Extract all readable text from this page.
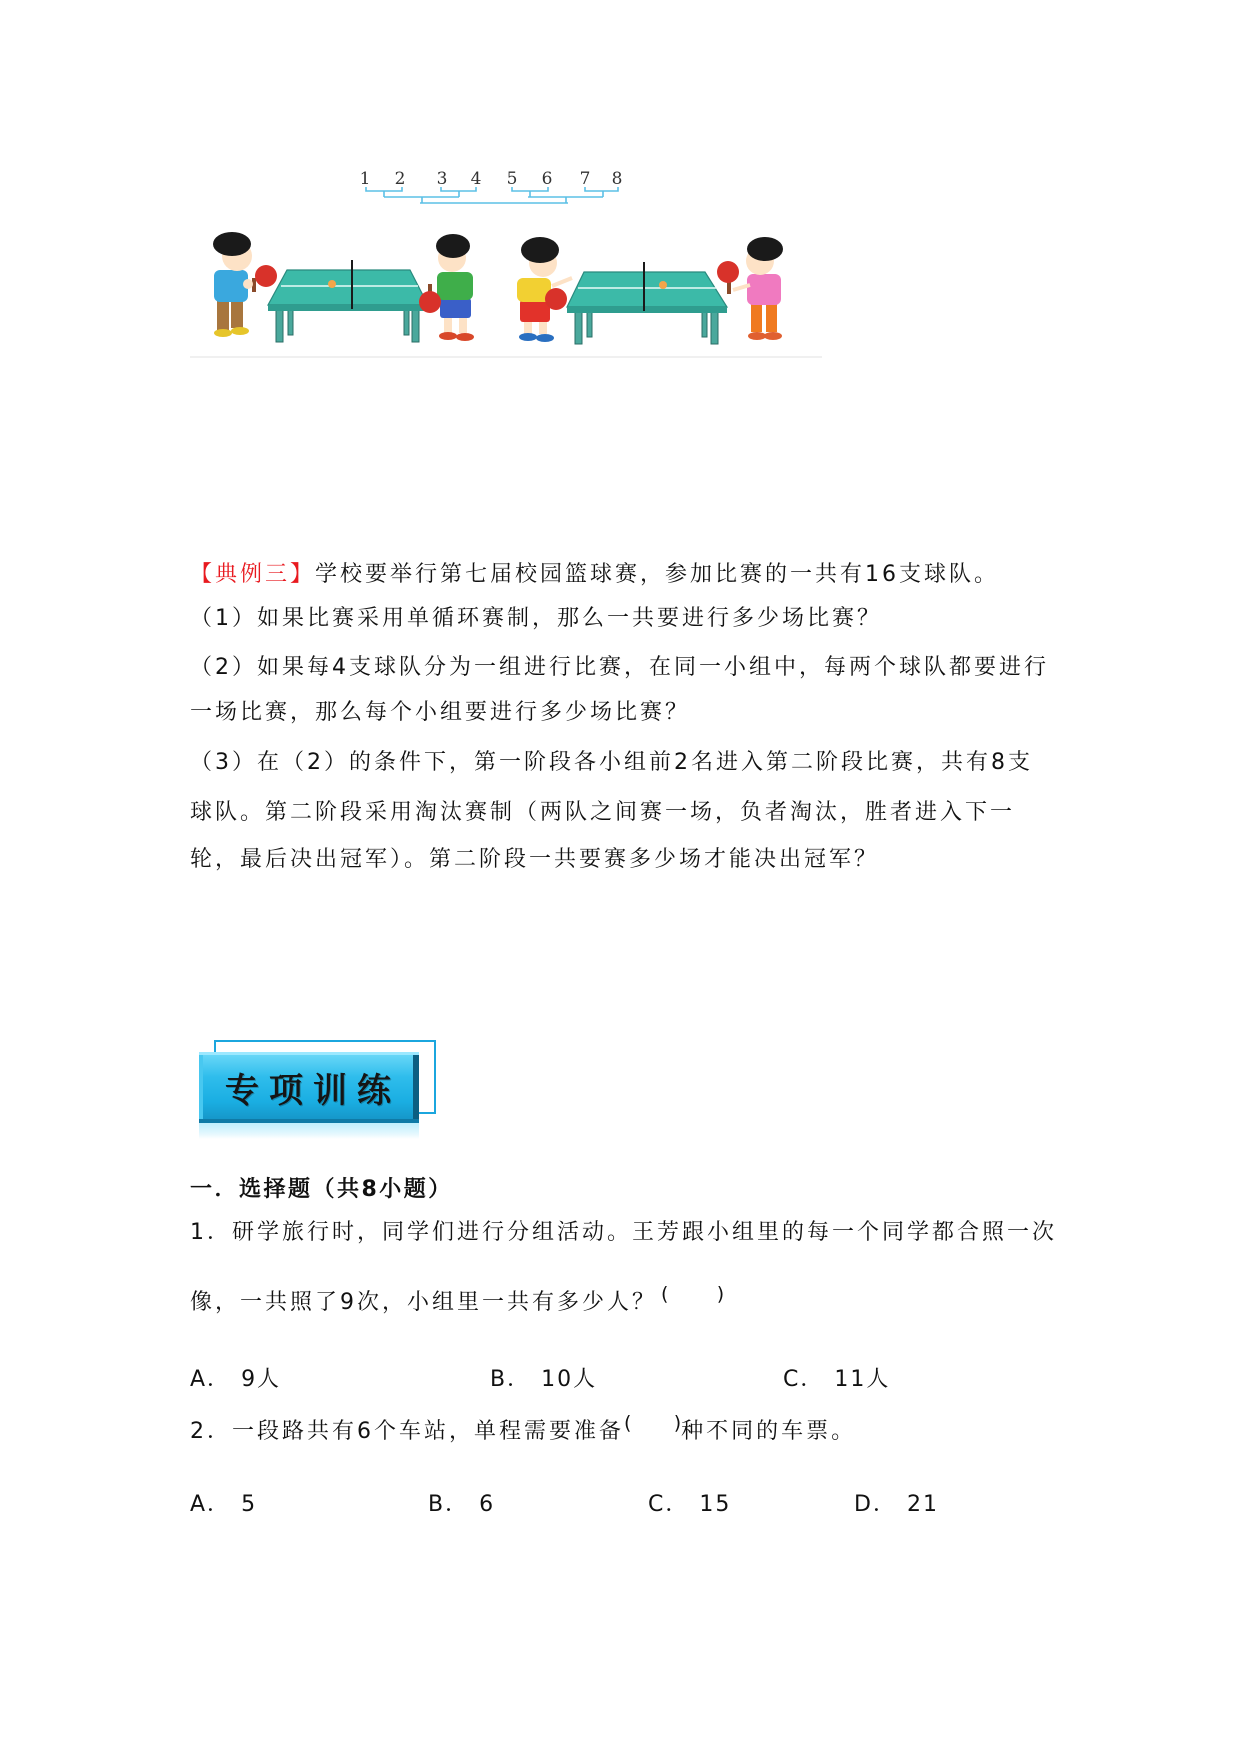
1 2 3 4 5 6 7 8
【典例三】学校要举行第七届校园篮球赛，参加比赛的一共有16支球队。
（1）如果比赛采用单循环赛制，那么一共要进行多少场比赛？
（2）如果每4支球队分为一组进行比赛，在同一小组中，每两个球队都要进行
一场比赛，那么每个小组要进行多少场比赛？
（3）在（2）的条件下，第一阶段各小组前2名进入第二阶段比赛，共有8支
球队。第二阶段采用淘汰赛制（两队之间赛一场，负者淘汰，胜者进入下一
轮，最后决出冠军）。第二阶段一共要赛多少场才能决出冠军？
专项训练
一．选择题（共8小题）
1．研学旅行时，同学们进行分组活动。王芳跟小组里的每一个同学都合照一次
像，一共照了9次，小组里一共有多少人？ (        )
A． 9人	B． 10人	C． 11人
2．一段路共有6个车站，单程需要准备(       )种不同的车票。
A． 5	B． 6	C． 15	D． 21
